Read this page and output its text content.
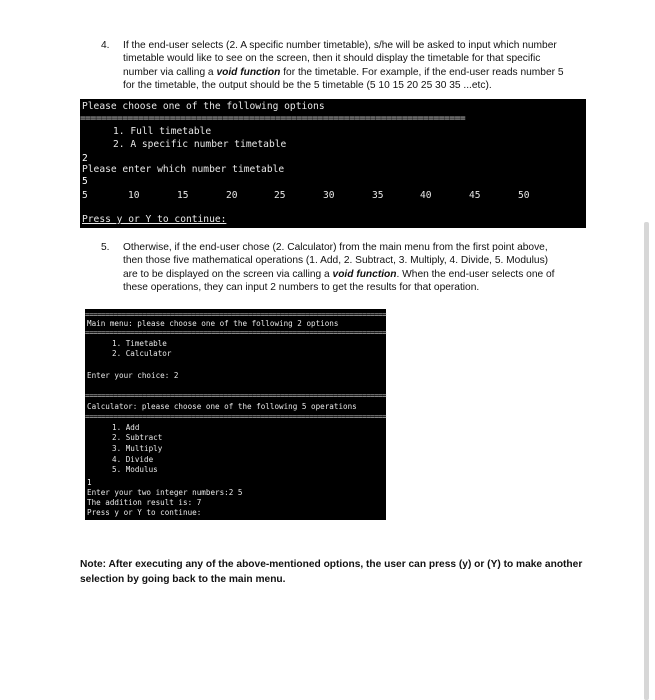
4. If the end-user selects (2. A specific number timetable), s/he will be asked to input which number
timetable would like to see on the screen, then it should display the timetable for that specific
number via calling a void function for the timetable. For example, if the end-user reads number 5
for the timetable, the output should be the 5 timetable (5 10 15 20 25 30 35 ...etc).

Please choose one of the following options

=========================================================================

1. Full timetable

2. A specific number timetable

2

Please enter which number timetable

5

5

	10

	15

	20

	25

	30

	35

	40

	45

	50

Press y or Y to continue:

5. Otherwise, if the end-user chose (2. Calculator) from the main menu from the first point above,
then those five mathematical operations (1. Add, 2. Subtract, 3. Multiply, 4. Divide, 5. Modulus)
are to be displayed on the screen via calling a void function. When the end-user selects one of
these operations, they can input 2 numbers to get the results for that operation.

==========================================================================

Main menu: please choose one of the following 2 options

==========================================================================

1. Timetable

2. Calculator

Enter your choice: 2

==========================================================================

Calculator: please choose one of the following 5 operations

==========================================================================

1. Add

2. Subtract

3. Multiply

4. Divide

5. Modulus

1

Enter your two integer numbers:2 5

The addition result is: 7

Press y or Y to continue:

Note: After executing any of the above-mentioned options, the user can press (y) or (Y) to make another
selection by going back to the main menu.
